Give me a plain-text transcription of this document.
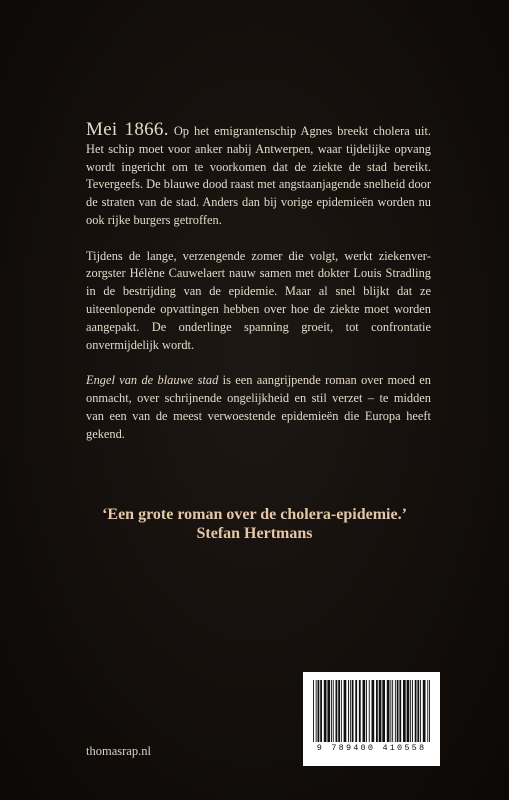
Mei 1866. Op het emigrantenschip Agnes breekt cholera uit. Het schip moet voor anker nabij Antwerpen, waar tijdelijke opvang wordt ingericht om te voorkomen dat de ziekte de stad bereikt. Tevergeefs. De blauwe dood raast met angstaanjagende snelheid door de straten van de stad. Anders dan bij vorige epidemieën worden nu ook rijke burgers getroffen.

Tijdens de lange, verzengende zomer die volgt, werkt ziekenverzorgster Hélène Cauwelaert nauw samen met dokter Louis Stradling in de bestrijding van de epidemie. Maar al snel blijkt dat ze uiteenlopende opvattingen hebben over hoe de ziekte moet worden aangepakt. De onderlinge spanning groeit, tot confrontatie onvermijdelijk wordt.

Engel van de blauwe stad is een aangrijpende roman over moed en onmacht, over schrijnende ongelijkheid en stil verzet – te midden van een van de meest verwoestende epidemieën die Europa heeft gekend.

‘Een grote roman over de cholera-epidemie.’
Stefan Hertmans
9 789400 410558
thomasrap.nl
